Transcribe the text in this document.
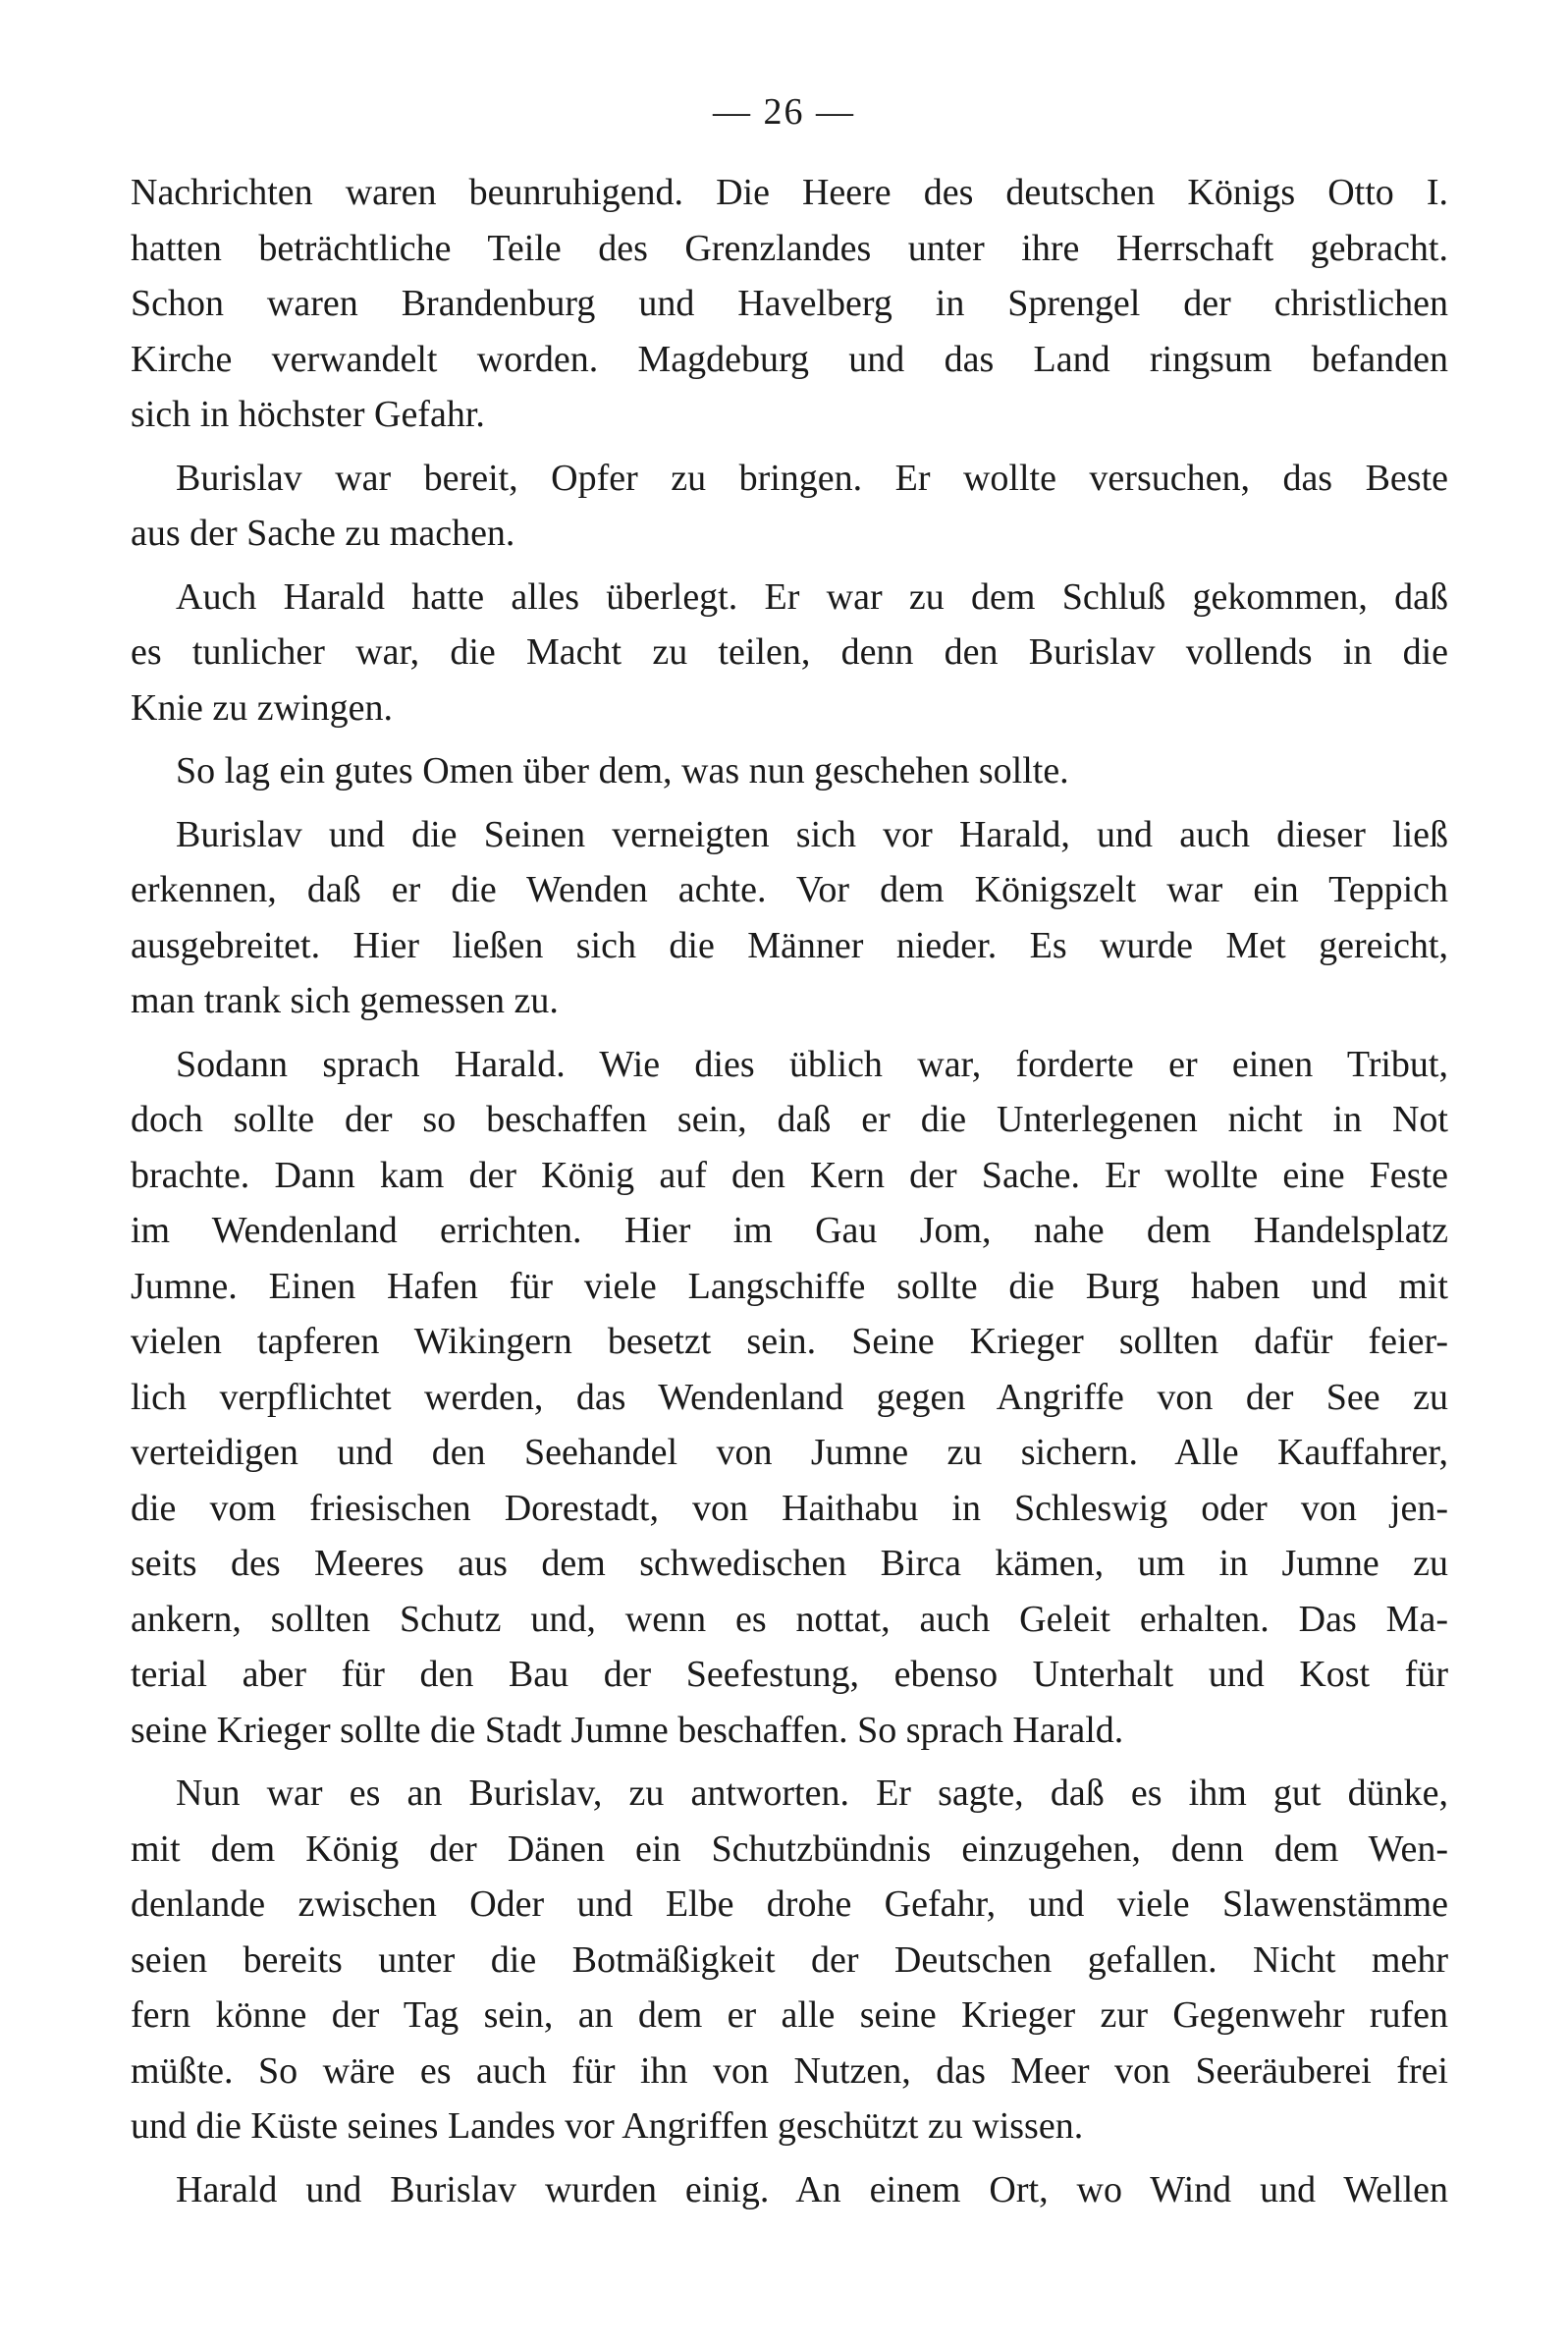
— 26 —
Nachrichten waren beunruhigend. Die Heere des deutschen Königs Otto I.
hatten beträchtliche Teile des Grenzlandes unter ihre Herrschaft gebracht.
Schon waren Brandenburg und Havelberg in Sprengel der christlichen
Kirche verwandelt worden. Magdeburg und das Land ringsum befanden
sich in höchster Gefahr.
Burislav war bereit, Opfer zu bringen. Er wollte versuchen, das Beste
aus der Sache zu machen.
Auch Harald hatte alles überlegt. Er war zu dem Schluß gekommen, daß
es tunlicher war, die Macht zu teilen, denn den Burislav vollends in die
Knie zu zwingen.
So lag ein gutes Omen über dem, was nun geschehen sollte.
Burislav und die Seinen verneigten sich vor Harald, und auch dieser ließ
erkennen, daß er die Wenden achte. Vor dem Königszelt war ein Teppich
ausgebreitet. Hier ließen sich die Männer nieder. Es wurde Met gereicht,
man trank sich gemessen zu.
Sodann sprach Harald. Wie dies üblich war, forderte er einen Tribut,
doch sollte der so beschaffen sein, daß er die Unterlegenen nicht in Not
brachte. Dann kam der König auf den Kern der Sache. Er wollte eine Feste
im Wendenland errichten. Hier im Gau Jom, nahe dem Handelsplatz
Jumne. Einen Hafen für viele Langschiffe sollte die Burg haben und mit
vielen tapferen Wikingern besetzt sein. Seine Krieger sollten dafür feier-
lich verpflichtet werden, das Wendenland gegen Angriffe von der See zu
verteidigen und den Seehandel von Jumne zu sichern. Alle Kauffahrer,
die vom friesischen Dorestadt, von Haithabu in Schleswig oder von jen-
seits des Meeres aus dem schwedischen Birca kämen, um in Jumne zu
ankern, sollten Schutz und, wenn es nottat, auch Geleit erhalten. Das Ma-
terial aber für den Bau der Seefestung, ebenso Unterhalt und Kost für
seine Krieger sollte die Stadt Jumne beschaffen. So sprach Harald.
Nun war es an Burislav, zu antworten. Er sagte, daß es ihm gut dünke,
mit dem König der Dänen ein Schutzbündnis einzugehen, denn dem Wen-
denlande zwischen Oder und Elbe drohe Gefahr, und viele Slawenstämme
seien bereits unter die Botmäßigkeit der Deutschen gefallen. Nicht mehr
fern könne der Tag sein, an dem er alle seine Krieger zur Gegenwehr rufen
müßte. So wäre es auch für ihn von Nutzen, das Meer von Seeräuberei frei
und die Küste seines Landes vor Angriffen geschützt zu wissen.
Harald und Burislav wurden einig. An einem Ort, wo Wind und Wellen
